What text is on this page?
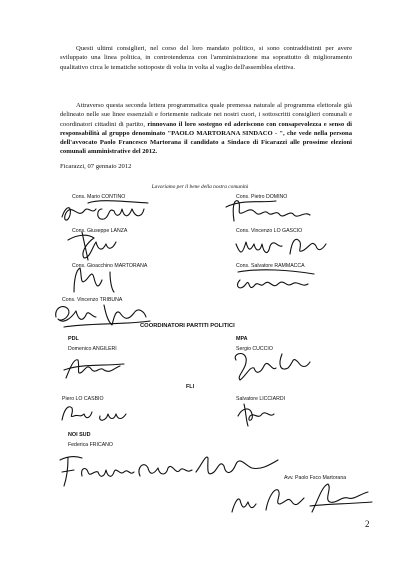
Questi ultimi consiglieri, nel corso del loro mandato politico, si sono contraddistinti per avere sviluppato una linea politica, in controtendenza con l'amministrazione ma soprattutto di miglioramento qualitativo circa le tematiche sottoposte di volta in volta al vaglio dell'assemblea elettiva.
Attraverso questa seconda lettera programmatica quale premessa naturale al programma elettorale già delineato nelle sue linee essenziali e fortemente radicate nei nostri cuori, i sottoscritti consiglieri comunali e coordinatori cittadini di partito, rinnovano il loro sostegno ed aderiscono con consapevolezza e senso di responsabilità al gruppo denominato "PAOLO MARTORANA SINDACO - ", che vede nella persona dell'avvocato Paolo Francesco Martorana il candidato a Sindaco di Ficarazzi alle prossime elezioni comunali amministrative del 2012.
Ficarazzi, 07 gennaio 2012
Lavoriamo per il bene della nostra comunità
Cons. Mario CONTINO	Cons. Pietro DOMINO
Cons. Giuseppe LANZA	Cons. Vincenzo LO GASCIO
Cons. Gioacchino MARTORANA	Cons. Salvatore RAMMACCA
Cons. Vincenzo TRIBUNA
COORDINATORI PARTITI POLITICI
PDL
Domenico ANGILERI
MPA
Sergio CUCCIO
FLI
Piero LO CASBIO	Salvatore LICCIARDI
NOI SUD
Federica FRICANO
Avv. Paolo Fsco Martorana
2
